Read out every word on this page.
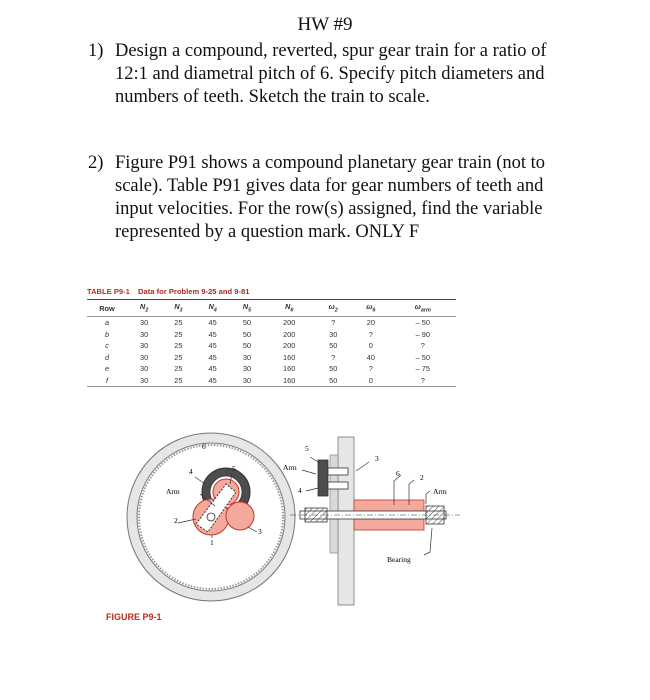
HW #9
1) Design a compound, reverted, spur gear train for a ratio of 12:1 and diametral pitch of 6. Specify pitch diameters and numbers of teeth. Sketch the train to scale.
2) Figure P91 shows a compound planetary gear train (not to scale). Table P91 gives data for gear numbers of teeth and input velocities. For the row(s) assigned, find the variable represented by a question mark. ONLY F
TABLE P9-1 Data for Problem 9-25 and 9-81
Row	$N_2$	$N_3$	$N_4$	$N_5$	$N_6$	$\omega_2$	$\omega_6$	$\omega_{arm}$
a	30	25	45	50	200	?	20	– 50
b	30	25	45	50	200	30	?	– 90
c	30	25	45	50	200	50	0	?
d	30	25	45	30	160	?	40	– 50
e	30	25	45	30	160	50	?	– 75
f	30	25	45	30	160	50	0	?
6
4	5
Arm
2
3
1
5
Arm
4
3
6	2
Arm
Bearing
FIGURE P9-1
